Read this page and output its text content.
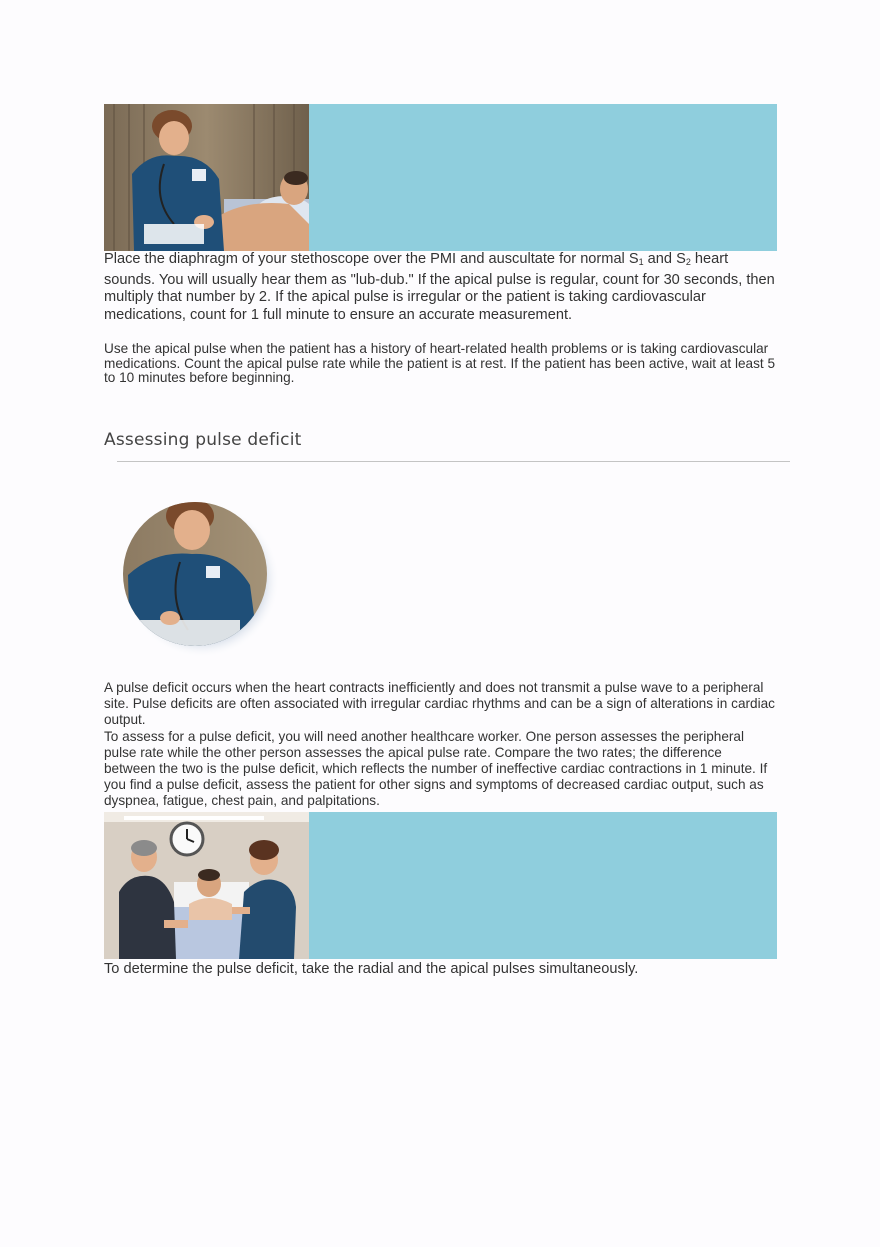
Place the diaphragm of your stethoscope over the PMI and auscultate for normal $S_1$ and $S_2$ heart sounds. You will usually hear them as "lub-dub." If the apical pulse is regular, count for 30 seconds, then multiply that number by 2. If the apical pulse is irregular or the patient is taking cardiovascular medications, count for 1 full minute to ensure an accurate measurement.

Use the apical pulse when the patient has a history of heart-related health problems or is taking cardiovascular medications. Count the apical pulse rate while the patient is at rest. If the patient has been active, wait at least 5 to 10 minutes before beginning.

Assessing pulse deficit

A pulse deficit occurs when the heart contracts inefficiently and does not transmit a pulse wave to a peripheral site. Pulse deficits are often associated with irregular cardiac rhythms and can be a sign of alterations in cardiac output.
To assess for a pulse deficit, you will need another healthcare worker. One person assesses the peripheral pulse rate while the other person assesses the apical pulse rate. Compare the two rates; the difference between the two is the pulse deficit, which reflects the number of ineffective cardiac contractions in 1 minute. If you find a pulse deficit, assess the patient for other signs and symptoms of decreased cardiac output, such as dyspnea, fatigue, chest pain, and palpitations.

To determine the pulse deficit, take the radial and the apical pulses simultaneously.
